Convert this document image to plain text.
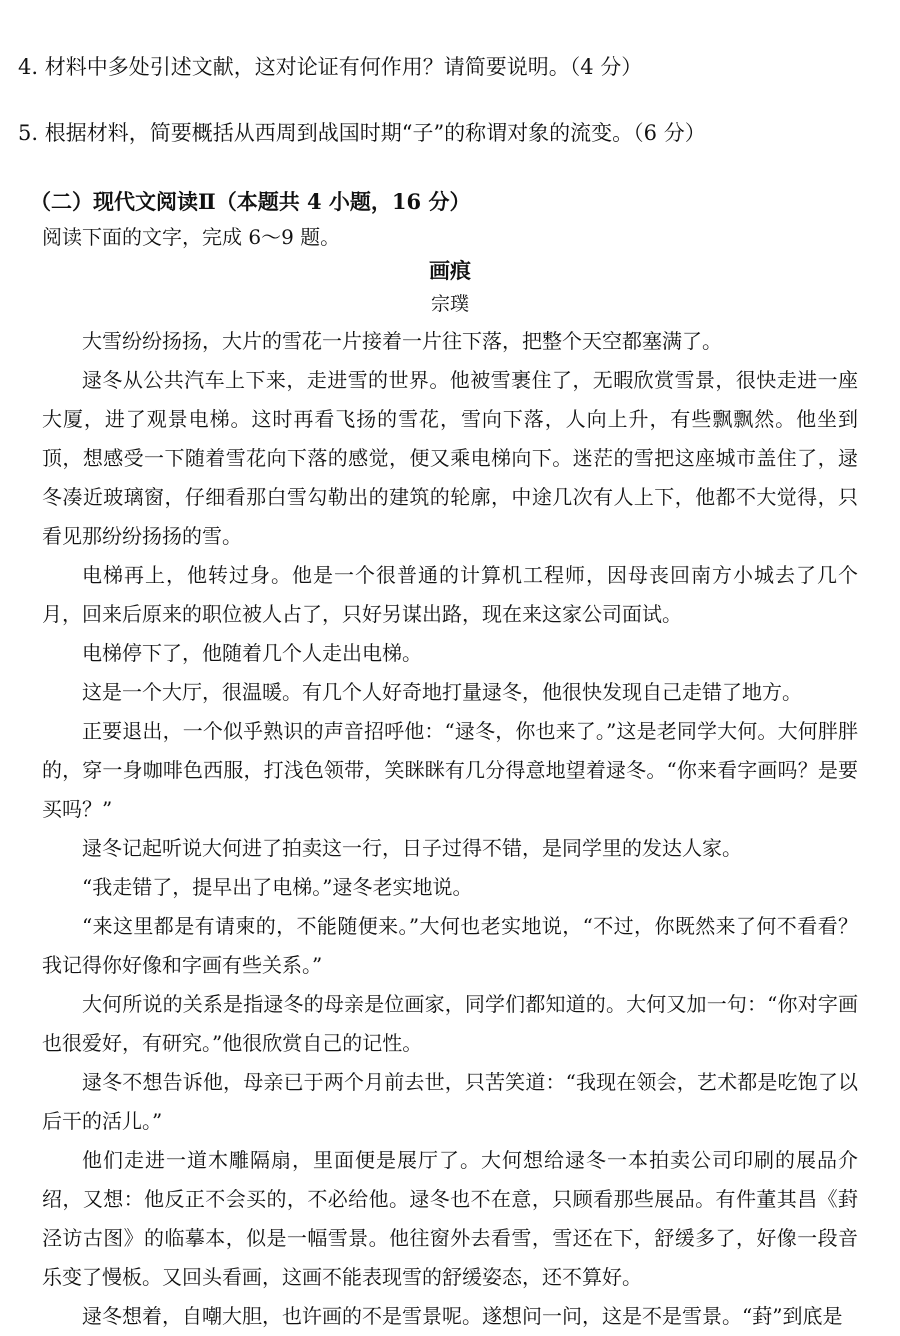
4. 材料中多处引述文献，这对论证有何作用？请简要说明。（4 分）
5. 根据材料，简要概括从西周到战国时期“子”的称谓对象的流变。（6 分）
（二）现代文阅读Ⅱ（本题共 4 小题，16 分）
阅读下面的文字，完成 6～9 题。
画痕
宗璞
大雪纷纷扬扬，大片的雪花一片接着一片往下落，把整个天空都塞满了。
逯冬从公共汽车上下来，走进雪的世界。他被雪裹住了，无暇欣赏雪景，很快走进一座大厦，进了观景电梯。这时再看飞扬的雪花，雪向下落，人向上升，有些飘飘然。他坐到顶，想感受一下随着雪花向下落的感觉，便又乘电梯向下。迷茫的雪把这座城市盖住了，逯冬凑近玻璃窗，仔细看那白雪勾勒出的建筑的轮廓，中途几次有人上下，他都不大觉得，只看见那纷纷扬扬的雪。
电梯再上，他转过身。他是一个很普通的计算机工程师，因母丧回南方小城去了几个月，回来后原来的职位被人占了，只好另谋出路，现在来这家公司面试。
电梯停下了，他随着几个人走出电梯。
这是一个大厅，很温暖。有几个人好奇地打量逯冬，他很快发现自己走错了地方。
正要退出，一个似乎熟识的声音招呼他：“逯冬，你也来了。”这是老同学大何。大何胖胖的，穿一身咖啡色西服，打浅色领带，笑眯眯有几分得意地望着逯冬。“你来看字画吗？是要买吗？”
逯冬记起听说大何进了拍卖这一行，日子过得不错，是同学里的发达人家。
“我走错了，提早出了电梯。”逯冬老实地说。
“来这里都是有请柬的，不能随便来。”大何也老实地说，“不过，你既然来了何不看看？我记得你好像和字画有些关系。”
大何所说的关系是指逯冬的母亲是位画家，同学们都知道的。大何又加一句：“你对字画也很爱好，有研究。”他很欣赏自己的记性。
逯冬不想告诉他，母亲已于两个月前去世，只苦笑道：“我现在领会，艺术都是吃饱了以后干的活儿。”
他们走进一道木雕隔扇，里面便是展厅了。大何想给逯冬一本拍卖公司印刷的展品介绍，又想：他反正不会买的，不必给他。逯冬也不在意，只顾看那些展品。有件董其昌《葑泾访古图》的临摹本，似是一幅雪景。他往窗外去看雪，雪还在下，舒缓多了，好像一段音乐变了慢板。又回头看画，这画不能表现雪的舒缓姿态，还不算好。
逯冬想着，自嘲大胆，也许画的不是雪景呢。遂想问一问，这是不是雪景。“葑”到底是
